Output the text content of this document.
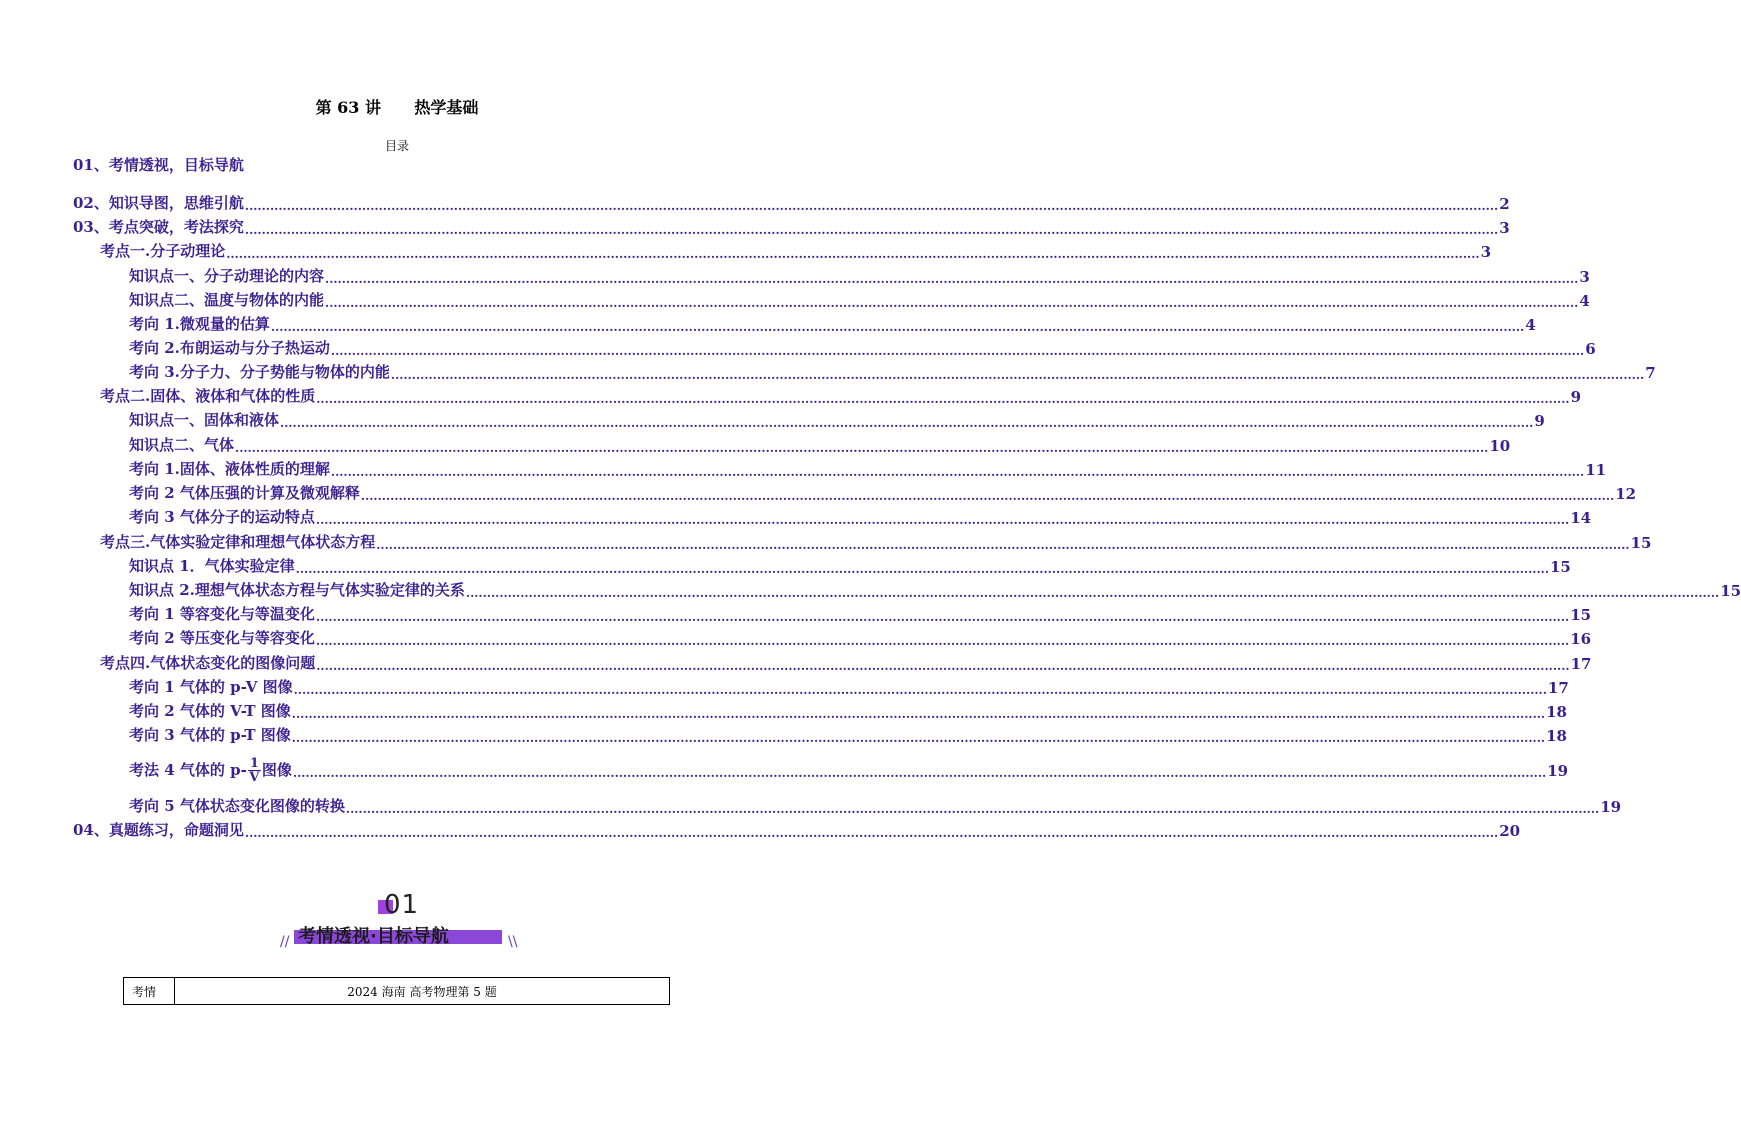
第 63 讲      热学基础
目录
01、考情透视，目标导航
02、知识导图，思维引航 ............................................................................................................................................................................................................................................................................................................ 2
03、考点突破，考法探究 ............................................................................................................................................................................................................................................................................................................ 3
考点一.分子动理论 ............................................................................................................................................................................................................................................................................................................ 3
知识点一、分子动理论的内容 ............................................................................................................................................................................................................................................................................................................ 3
知识点二、温度与物体的内能 ............................................................................................................................................................................................................................................................................................................ 4
考向 1.微观量的估算 ............................................................................................................................................................................................................................................................................................................ 4
考向 2.布朗运动与分子热运动 ............................................................................................................................................................................................................................................................................................................ 6
考向 3.分子力、分子势能与物体的内能 ............................................................................................................................................................................................................................................................................................................ 7
考点二.固体、液体和气体的性质 ............................................................................................................................................................................................................................................................................................................ 9
知识点一、固体和液体 ............................................................................................................................................................................................................................................................................................................ 9
知识点二、气体 ............................................................................................................................................................................................................................................................................................................ 10
考向 1.固体、液体性质的理解 ............................................................................................................................................................................................................................................................................................................ 11
考向 2 气体压强的计算及微观解释 ............................................................................................................................................................................................................................................................................................................ 12
考向 3 气体分子的运动特点 ............................................................................................................................................................................................................................................................................................................ 14
考点三.气体实验定律和理想气体状态方程 ............................................................................................................................................................................................................................................................................................................ 15
知识点 1．气体实验定律 ............................................................................................................................................................................................................................................................................................................ 15
知识点 2.理想气体状态方程与气体实验定律的关系 ............................................................................................................................................................................................................................................................................................................ 15
考向 1 等容变化与等温变化 ............................................................................................................................................................................................................................................................................................................ 15
考向 2 等压变化与等容变化 ............................................................................................................................................................................................................................................................................................................ 16
考点四.气体状态变化的图像问题 ............................................................................................................................................................................................................................................................................................................ 17
考向 1 气体的 p-V 图像 ............................................................................................................................................................................................................................................................................................................ 17
考向 2 气体的 V-T 图像 ............................................................................................................................................................................................................................................................................................................ 18
考向 3 气体的 p-T 图像 ............................................................................................................................................................................................................................................................................................................ 18
考法 4 气体的 $p- \frac{1}{V}$ 图像 ............................................................................................................................................................................................................................................................................................................ 19
考向 5 气体状态变化图像的转换 ............................................................................................................................................................................................................................................................................................................ 19
04、真题练习，命题洞见 ............................................................................................................................................................................................................................................................................................................ 20
01
// 考情透视·目标导航	\\
考情	2024 海南 高考物理第 5 题
